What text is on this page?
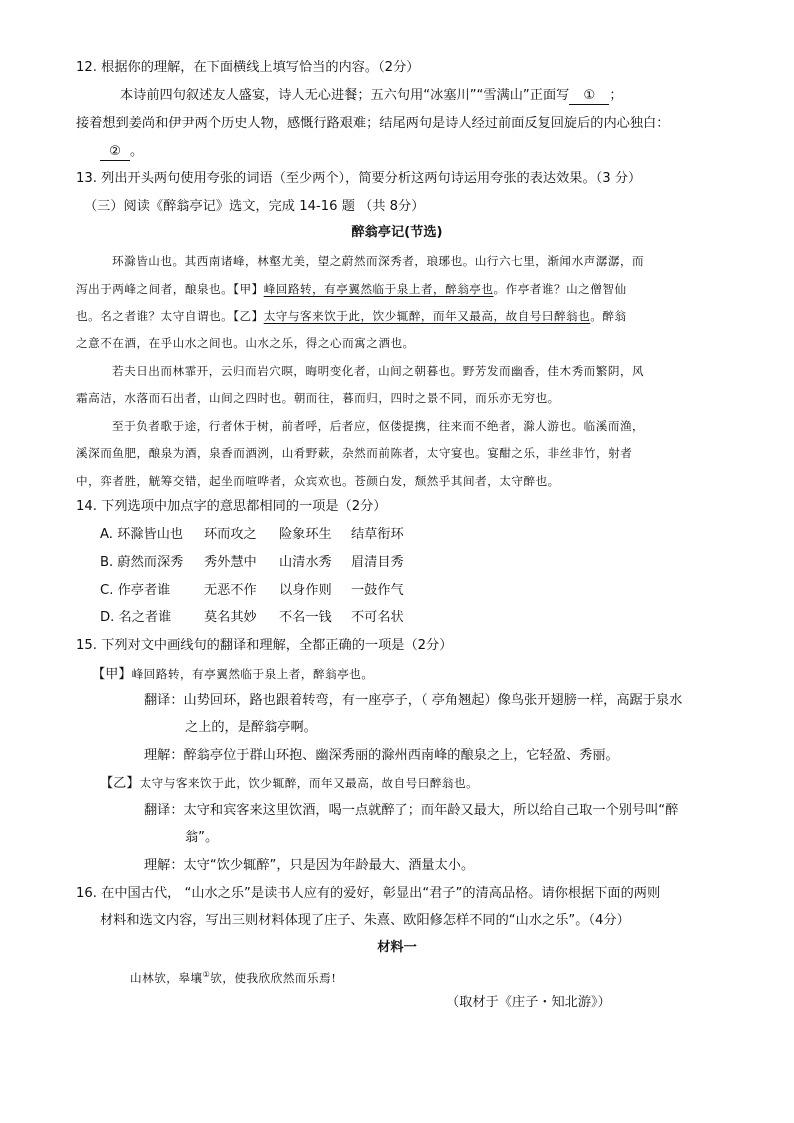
12. 根据你的理解，在下面横线上填写恰当的内容。（2分）
本诗前四句叙述友人盛宴，诗人无心进餐；五六句用“冰塞川”“雪满山”正面写 ① ；
接着想到姜尚和伊尹两个历史人物，感慨行路艰难；结尾两句是诗人经过前面反复回旋后的内心独白：
② 。
13. 列出开头两句使用夸张的词语（至少两个），简要分析这两句诗运用夸张的表达效果。（3 分）
（三）阅读《醉翁亭记》选文，完成 14-16 题 （共 8分）
醉翁亭记(节选)
环滁皆山也。其西南诸峰，林壑尤美，望之蔚然而深秀者，琅琊也。山行六七里，渐闻水声潺潺，而
泻出于两峰之间者，酿泉也。【甲】峰回路转，有亭翼然临于泉上者，醉翁亭也。作亭者谁？山之僧智仙
也。名之者谁？太守自谓也。【乙】太守与客来饮于此，饮少辄醉，而年又最高，故自号曰醉翁也。醉翁
之意不在酒，在乎山水之间也。山水之乐，得之心而寓之酒也。
若夫日出而林霏开，云归而岩穴暝，晦明变化者，山间之朝暮也。野芳发而幽香，佳木秀而繁阴，风
霜高洁，水落而石出者，山间之四时也。朝而往，暮而归，四时之景不同，而乐亦无穷也。
至于负者歌于途，行者休于树，前者呼，后者应，伛偻提携，往来而不绝者，滁人游也。临溪而渔，
溪深而鱼肥，酿泉为酒，泉香而酒洌，山肴野蔌，杂然而前陈者，太守宴也。宴酣之乐，非丝非竹，射者
中，弈者胜，觥筹交错，起坐而喧哗者，众宾欢也。苍颜白发，颓然乎其间者，太守醉也。
14. 下列选项中加点字的意思都相同的一项是（2分）
A. 环滁皆山也 环而攻之 险象环生 结草衔环
B. 蔚然而深秀 秀外慧中 山清水秀 眉清目秀
C. 作亭者谁	无恶不作 以身作则 一鼓作气
D. 名之者谁 莫名其妙 不名一钱 不可名状
15. 下列对文中画线句的翻译和理解，全都正确的一项是（2分）
【甲】峰回路转，有亭翼然临于泉上者，醉翁亭也。
翻译：山势回环，路也跟着转弯，有一座亭子，（ 亭角翘起）像鸟张开翅膀一样，高踞于泉水
之上的，是醉翁亭啊。
理解：醉翁亭位于群山环抱、幽深秀丽的滁州西南峰的酿泉之上，它轻盈、秀丽。
【乙】太守与客来饮于此，饮少辄醉，而年又最高，故自号曰醉翁也。
翻译：太守和宾客来这里饮酒，喝一点就醉了；而年龄又最大，所以给自己取一个别号叫“醉
翁”。
理解：太守“饮少辄醉”，只是因为年龄最大、酒量太小。
16. 在中国古代， “山水之乐”是读书人应有的爱好，彰显出“君子”的清高品格。请你根据下面的两则
材料和选文内容，写出三则材料体现了庄子、朱熹、欧阳修怎样不同的“山水之乐”。（4分）
材料一
山林欤，皋壤①欤，使我欣欣然而乐焉!
（取材于《庄子・知北游》）
